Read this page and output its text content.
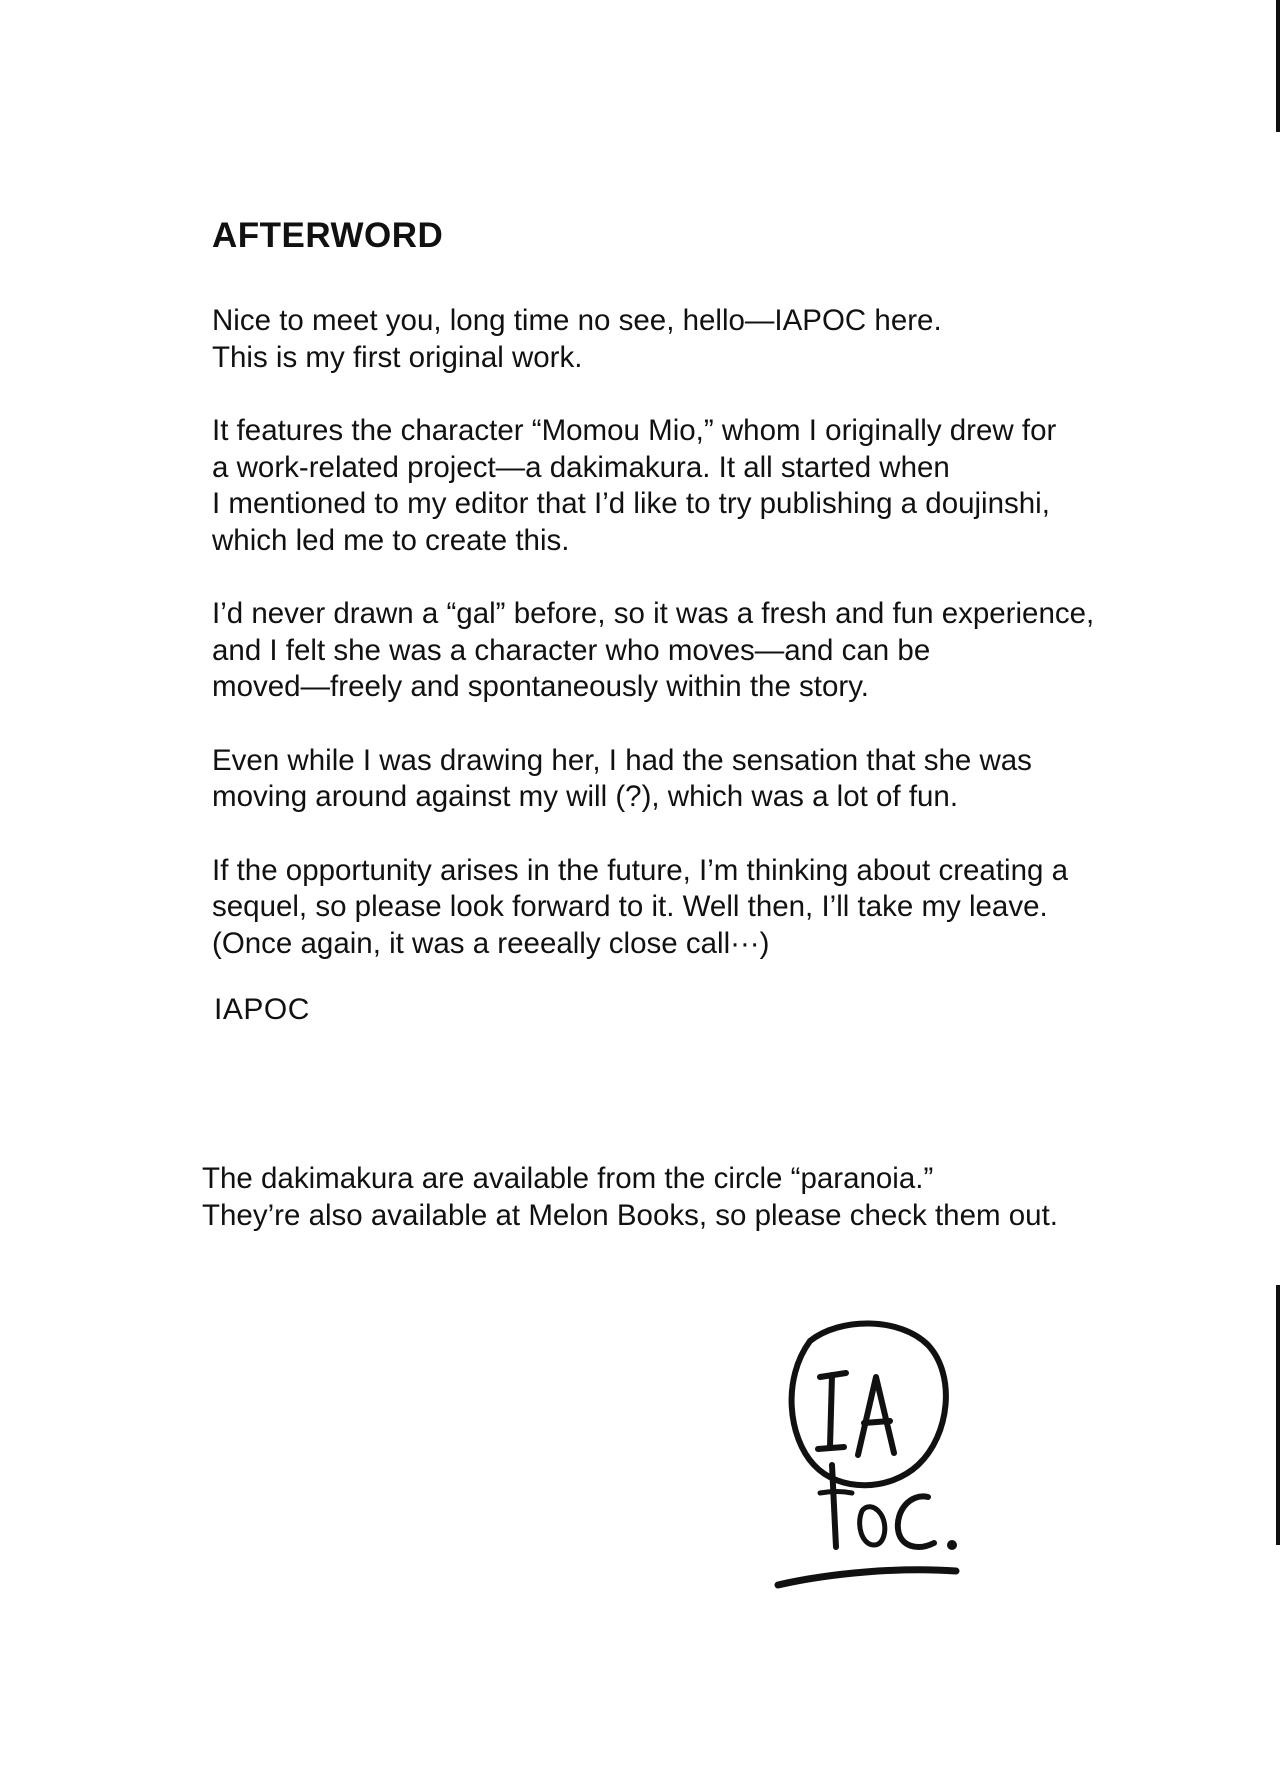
AFTERWORD

Nice to meet you, long time no see, hello—IAPOC here.
This is my first original work.

It features the character “Momou Mio,” whom I originally drew for
a work-related project—a dakimakura. It all started when
I mentioned to my editor that I’d like to try publishing a doujinshi,
which led me to create this.

I’d never drawn a “gal” before, so it was a fresh and fun experience,
and I felt she was a character who moves—and can be
moved—freely and spontaneously within the story.

Even while I was drawing her, I had the sensation that she was
moving around against my will (?), which was a lot of fun.

If the opportunity arises in the future, I’m thinking about creating a
sequel, so please look forward to it. Well then, I’ll take my leave.
(Once again, it was a reeeally close call···)

IAPOC
The dakimakura are available from the circle “paranoia.”
They’re also available at Melon Books, so please check them out.
